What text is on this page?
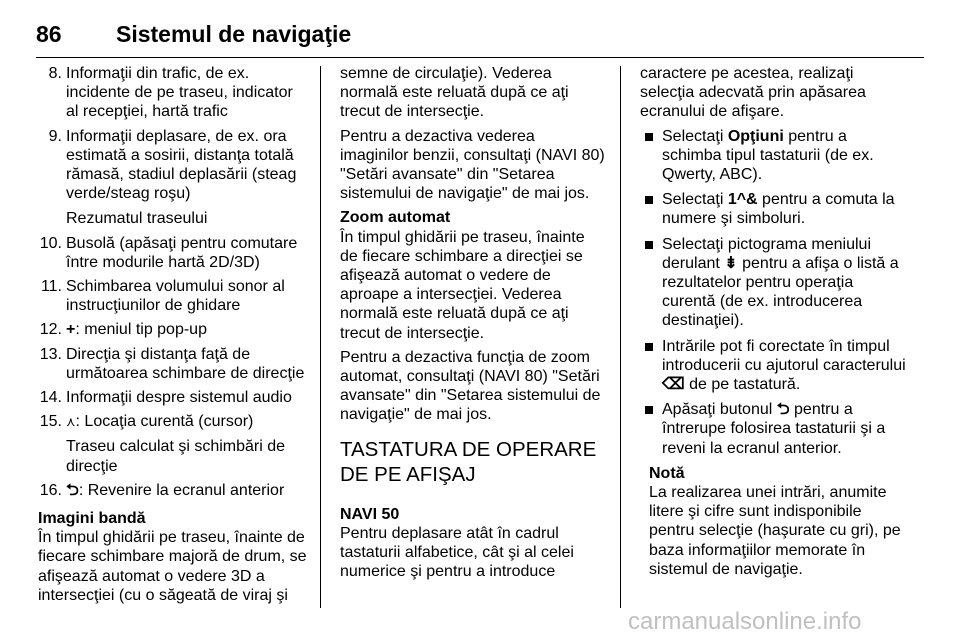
86	Sistemul de navigaţie
8. Informaţii din trafic, de ex. incidente de pe traseu, indicator al recepţiei, hartă trafic
9. Informaţii deplasare, de ex. ora estimată a sosirii, distanţa totală rămasă, stadiul deplasării (steag verde/steag roşu)
Rezumatul traseului
10. Busolă (apăsaţi pentru comutare între modurile hartă 2D/3D)
11. Schimbarea volumului sonor al instrucţiunilor de ghidare
12. +: meniul tip pop-up
13. Direcţia şi distanţa faţă de următoarea schimbare de direcţie
14. Informaţii despre sistemul audio
15. ⋏: Locaţia curentă (cursor)
Traseu calculat şi schimbări de direcţie
16. ⮌: Revenire la ecranul anterior

Imagini bandă

În timpul ghidării pe traseu, înainte de fiecare schimbare majoră de drum, se afişează automat o vedere 3D a intersecţiei (cu o săgeată de viraj şi

semne de circulaţie). Vederea normală este reluată după ce aţi trecut de intersecţie.

Pentru a dezactiva vederea imaginilor benzii, consultaţi (NAVI 80) "Setări avansate" din "Setarea sistemului de navigaţie" de mai jos.

Zoom automat

În timpul ghidării pe traseu, înainte de fiecare schimbare a direcţiei se afişează automat o vedere de aproape a intersecţiei. Vederea normală este reluată după ce aţi trecut de intersecţie.

Pentru a dezactiva funcţia de zoom automat, consultaţi (NAVI 80) "Setări avansate" din "Setarea sistemului de navigaţie" de mai jos.

TASTATURA DE OPERARE DE PE AFIŞAJ

NAVI 50

Pentru deplasare atât în cadrul tastaturii alfabetice, cât şi al celei numerice şi pentru a introduce

caractere pe acestea, realizaţi selecţia adecvată prin apăsarea ecranului de afişare.

Selectaţi Opţiuni pentru a schimba tipul tastaturii (de ex. Qwerty, ABC).
Selectaţi 1^& pentru a comuta la numere şi simboluri.
Selectaţi pictograma meniului derulant ⇟ pentru a afişa o listă a rezultatelor pentru operaţia curentă (de ex. introducerea destinaţiei).
Intrările pot fi corectate în timpul introducerii cu ajutorul caracterului ⌫ de pe tastatură.
Apăsaţi butonul ⮌ pentru a întrerupe folosirea tastaturii şi a reveni la ecranul anterior.

Notă

La realizarea unei intrări, anumite litere şi cifre sunt indisponibile pentru selecţie (haşurate cu gri), pe baza informaţiilor memorate în sistemul de navigaţie.

carmanualsonline.info
